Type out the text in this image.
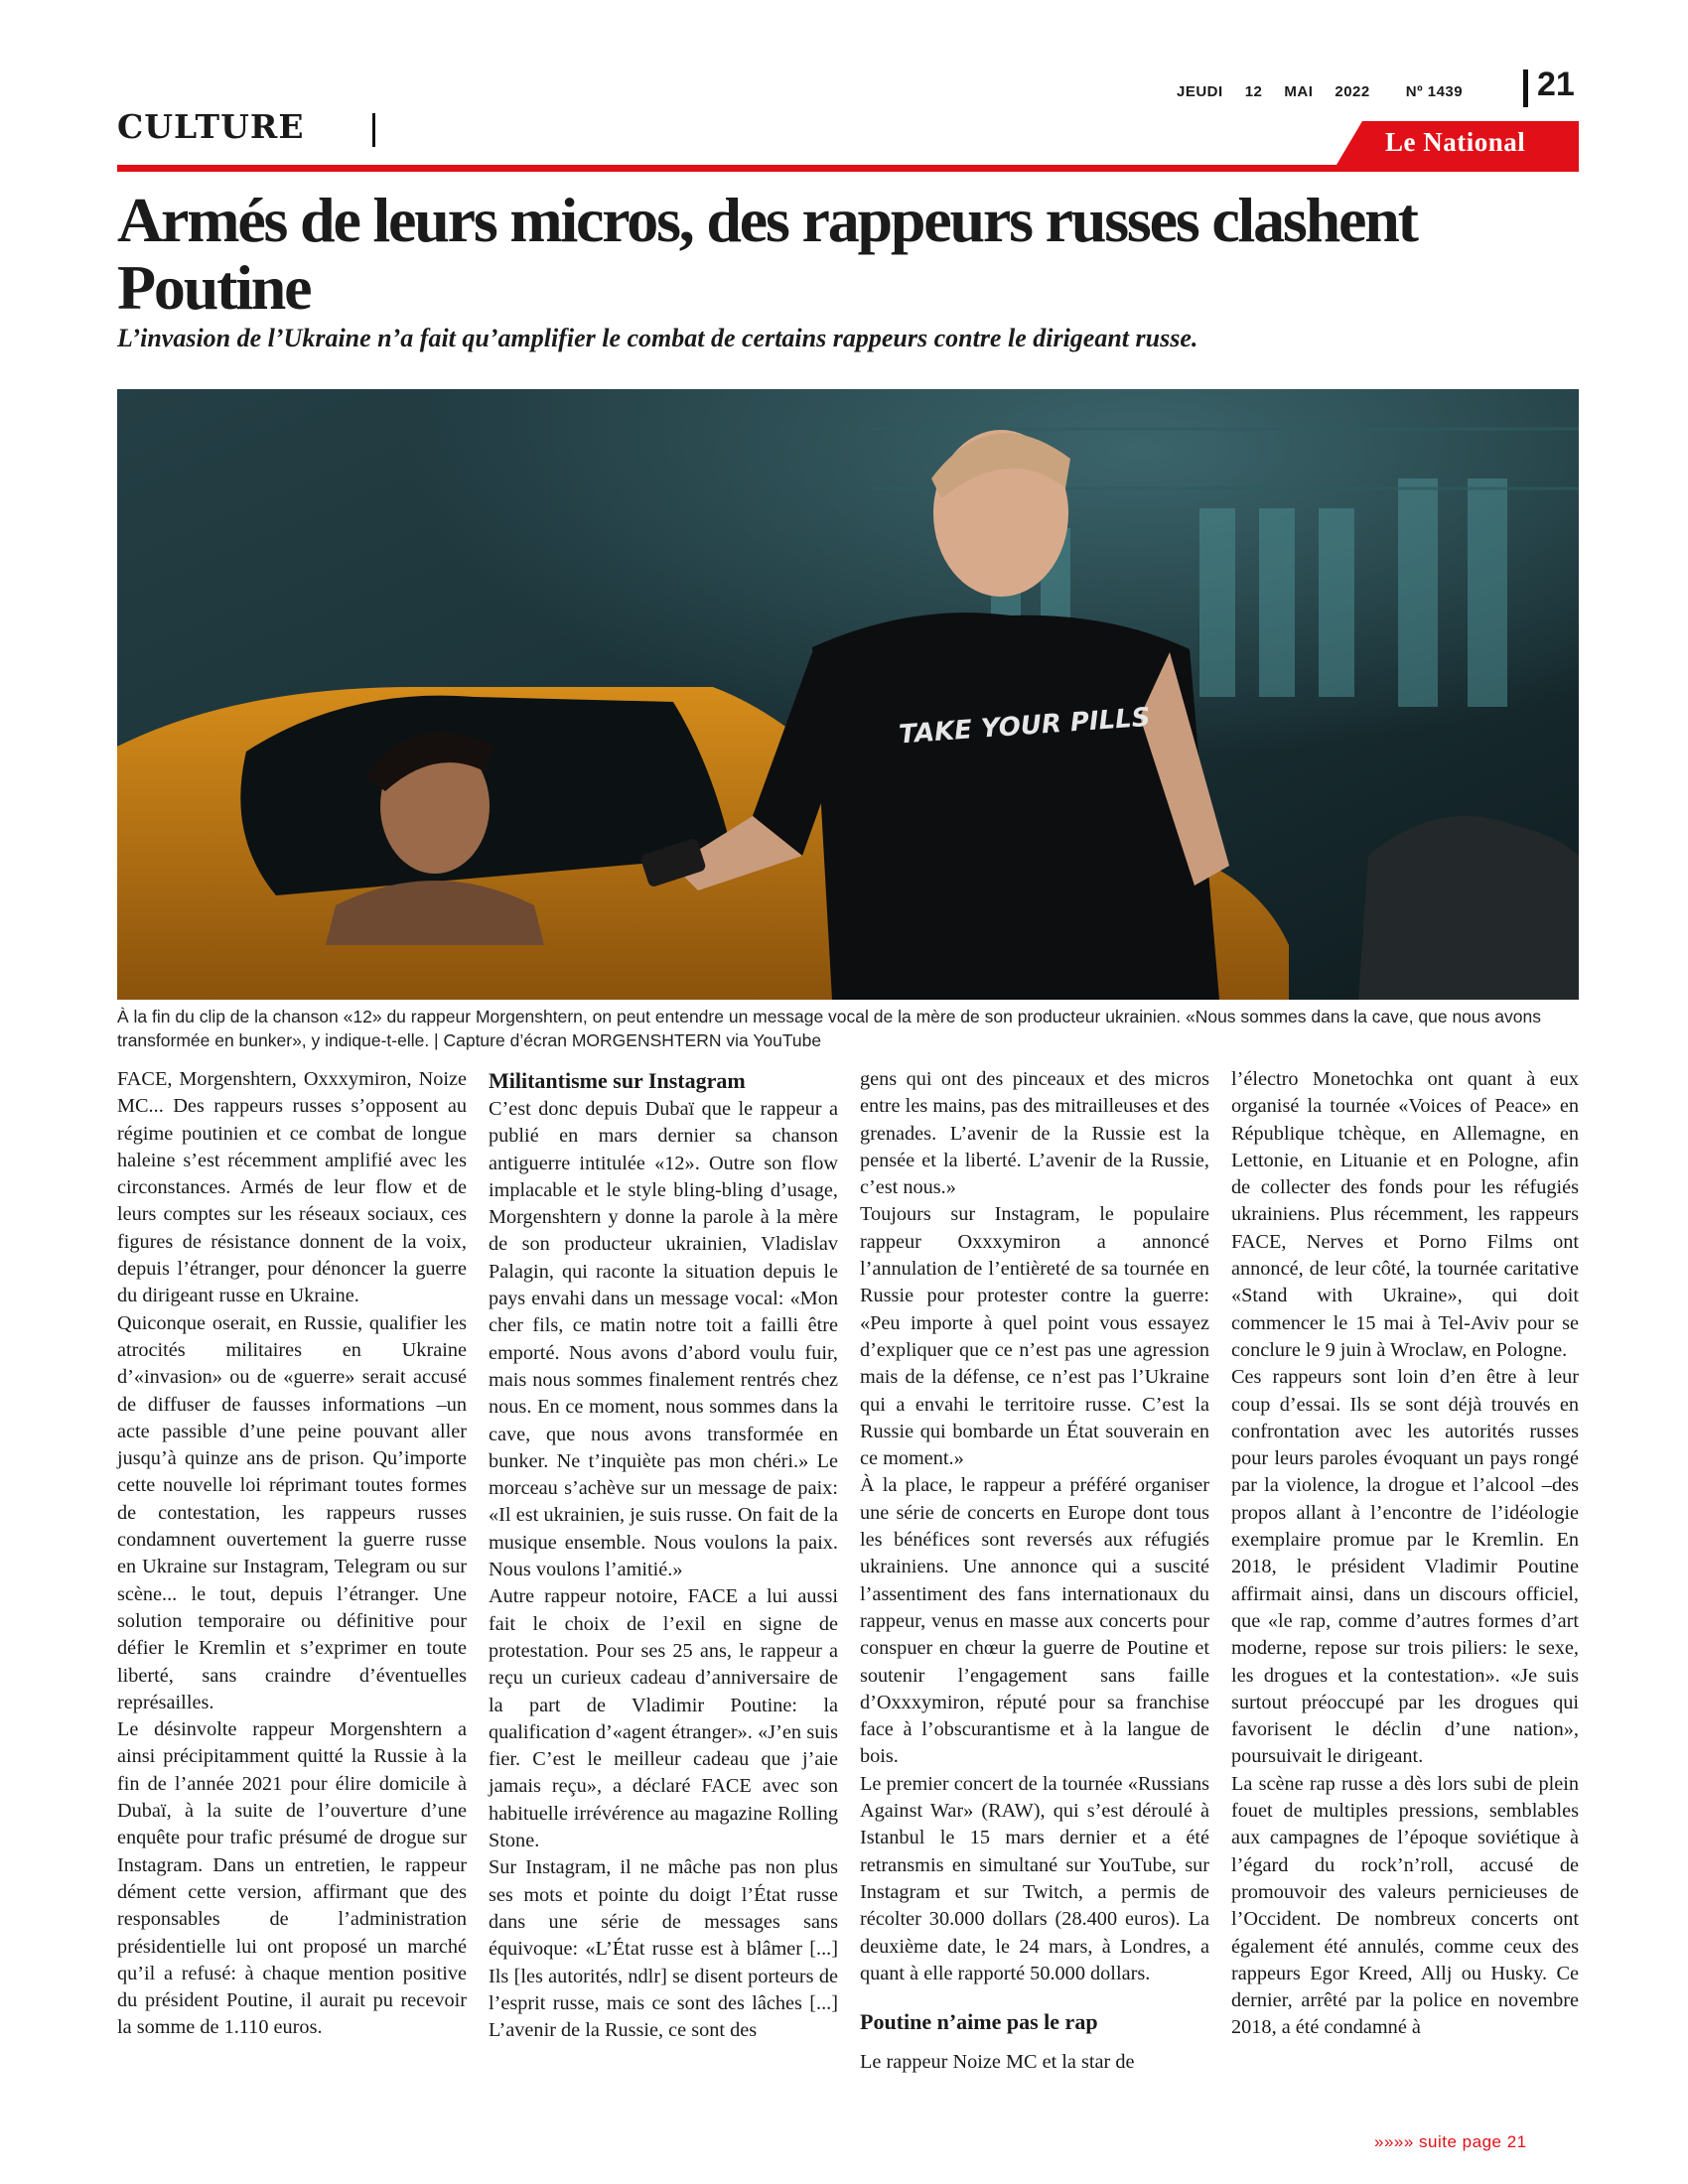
JEUDI 12 MAI 2022 Nº 1439 21
CULTURE	Le National
Armés de leurs micros, des rappeurs russes clashent Poutine
L’invasion de l’Ukraine n’a fait qu’amplifier le combat de certains rappeurs contre le dirigeant russe.
TAKE YOUR PILLS
À la fin du clip de la chanson «12» du rappeur Morgenshtern, on peut entendre un message vocal de la mère de son producteur ukrainien. «Nous sommes dans la cave, que nous avons transformée en bunker», y indique-t-elle. | Capture d’écran MORGENSHTERN via YouTube

FACE, Morgenshtern, Oxxxymiron, Noize MC... Des rappeurs russes s’opposent au régime poutinien et ce combat de longue haleine s’est récemment amplifié avec les circonstances. Armés de leur flow et de leurs comptes sur les réseaux sociaux, ces figures de résistance donnent de la voix, depuis l’étranger, pour dénoncer la guerre du dirigeant russe en Ukraine.

Quiconque oserait, en Russie, qualifier les atrocités militaires en Ukraine d’«invasion» ou de «guerre» serait accusé de diffuser de fausses informations –un acte passible d’une peine pouvant aller jusqu’à quinze ans de prison. Qu’importe cette nouvelle loi réprimant toutes formes de contestation, les rappeurs russes condamnent ouvertement la guerre russe en Ukraine sur Instagram, Telegram ou sur scène... le tout, depuis l’étranger. Une solution temporaire ou définitive pour défier le Kremlin et s’exprimer en toute liberté, sans craindre d’éventuelles représailles.

Le désinvolte rappeur Morgenshtern a ainsi précipitamment quitté la Russie à la fin de l’année 2021 pour élire domicile à Dubaï, à la suite de l’ouverture d’une enquête pour trafic présumé de drogue sur Instagram. Dans un entretien, le rappeur dément cette version, affirmant que des responsables de l’administration présidentielle lui ont proposé un marché qu’il a refusé: à chaque mention positive du président Poutine, il aurait pu recevoir la somme de 1.110 euros.

Militantisme sur Instagram

C’est donc depuis Dubaï que le rappeur a publié en mars dernier sa chanson antiguerre intitulée «12». Outre son flow implacable et le style bling-bling d’usage, Morgenshtern y donne la parole à la mère de son producteur ukrainien, Vladislav Palagin, qui raconte la situation depuis le pays envahi dans un message vocal: «Mon cher fils, ce matin notre toit a failli être emporté. Nous avons d’abord voulu fuir, mais nous sommes finalement rentrés chez nous. En ce moment, nous sommes dans la cave, que nous avons transformée en bunker. Ne t’inquiète pas mon chéri.» Le morceau s’achève sur un message de paix: «Il est ukrainien, je suis russe. On fait de la musique ensemble. Nous voulons la paix. Nous voulons l’amitié.»

Autre rappeur notoire, FACE a lui aussi fait le choix de l’exil en signe de protestation. Pour ses 25 ans, le rappeur a reçu un curieux cadeau d’anniversaire de la part de Vladimir Poutine: la qualification d’«agent étranger». «J’en suis fier. C’est le meilleur cadeau que j’aie jamais reçu», a déclaré FACE avec son habituelle irrévérence au magazine Rolling Stone.

Sur Instagram, il ne mâche pas non plus ses mots et pointe du doigt l’État russe dans une série de messages sans équivoque: «L’État russe est à blâmer [...] Ils [les autorités, ndlr] se disent porteurs de l’esprit russe, mais ce sont des lâches [...] L’avenir de la Russie, ce sont des

gens qui ont des pinceaux et des micros entre les mains, pas des mitrailleuses et des grenades. L’avenir de la Russie est la pensée et la liberté. L’avenir de la Russie, c’est nous.»

Toujours sur Instagram, le populaire rappeur Oxxxymiron a annoncé l’annulation de l’entièreté de sa tournée en Russie pour protester contre la guerre: «Peu importe à quel point vous essayez d’expliquer que ce n’est pas une agression mais de la défense, ce n’est pas l’Ukraine qui a envahi le territoire russe. C’est la Russie qui bombarde un État souverain en ce moment.»

À la place, le rappeur a préféré organiser une série de concerts en Europe dont tous les bénéfices sont reversés aux réfugiés ukrainiens. Une annonce qui a suscité l’assentiment des fans internationaux du rappeur, venus en masse aux concerts pour conspuer en chœur la guerre de Poutine et soutenir l’engagement sans faille d’Oxxxymiron, réputé pour sa franchise face à l’obscurantisme et à la langue de bois.

Le premier concert de la tournée «Russians Against War» (RAW), qui s’est déroulé à Istanbul le 15 mars dernier et a été retransmis en simultané sur YouTube, sur Instagram et sur Twitch, a permis de récolter 30.000 dollars (28.400 euros). La deuxième date, le 24 mars, à Londres, a quant à elle rapporté 50.000 dollars.

Poutine n’aime pas le rap

Le rappeur Noize MC et la star de

l’électro Monetochka ont quant à eux organisé la tournée «Voices of Peace» en République tchèque, en Allemagne, en Lettonie, en Lituanie et en Pologne, afin de collecter des fonds pour les réfugiés ukrainiens. Plus récemment, les rappeurs FACE, Nerves et Porno Films ont annoncé, de leur côté, la tournée caritative «Stand with Ukraine», qui doit commencer le 15 mai à Tel-Aviv pour se conclure le 9 juin à Wroclaw, en Pologne.

Ces rappeurs sont loin d’en être à leur coup d’essai. Ils se sont déjà trouvés en confrontation avec les autorités russes pour leurs paroles évoquant un pays rongé par la violence, la drogue et l’alcool –des propos allant à l’encontre de l’idéologie exemplaire promue par le Kremlin. En 2018, le président Vladimir Poutine affirmait ainsi, dans un discours officiel, que «le rap, comme d’autres formes d’art moderne, repose sur trois piliers: le sexe, les drogues et la contestation». «Je suis surtout préoccupé par les drogues qui favorisent le déclin d’une nation», poursuivait le dirigeant.

La scène rap russe a dès lors subi de plein fouet de multiples pressions, semblables aux campagnes de l’époque soviétique à l’égard du rock’n’roll, accusé de promouvoir des valeurs pernicieuses de l’Occident. De nombreux concerts ont également été annulés, comme ceux des rappeurs Egor Kreed, Allj ou Husky. Ce dernier, arrêté par la police en novembre 2018, a été condamné à

»»»» suite page 21
